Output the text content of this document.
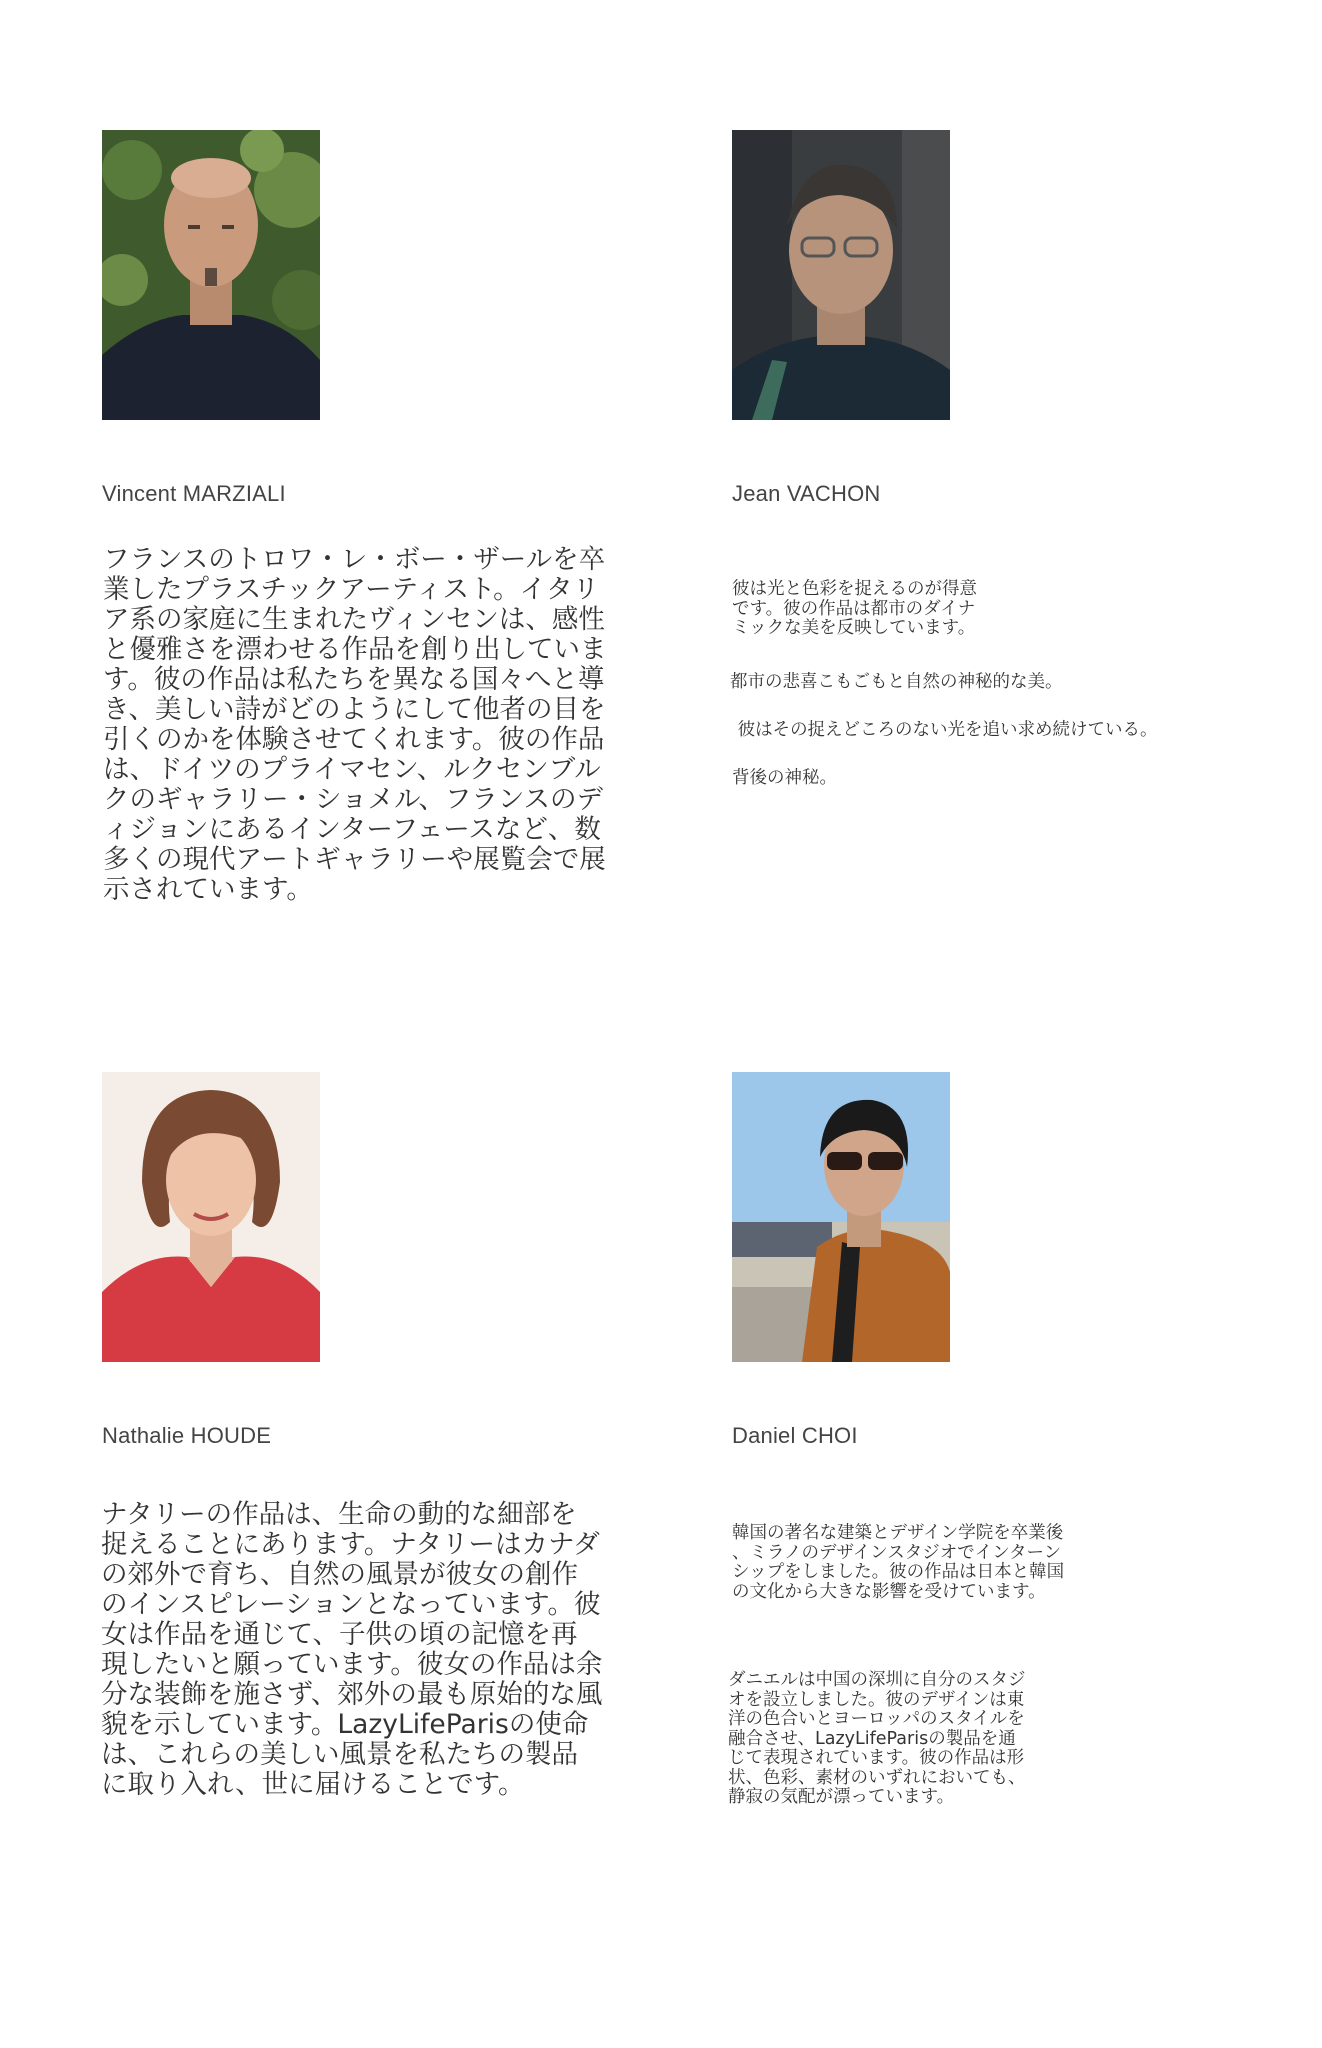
Vincent MARZIALI

フランスのトロワ・レ・ボー・ザールを卒
業したプラスチックアーティスト。イタリ
ア系の家庭に生まれたヴィンセンは、感性
と優雅さを漂わせる作品を創り出していま
す。彼の作品は私たちを異なる国々へと導
き、美しい詩がどのようにして他者の目を
引くのかを体験させてくれます。彼の作品
は、ドイツのプライマセン、ルクセンブル
クのギャラリー・ショメル、フランスのデ
ィジョンにあるインターフェースなど、数
多くの現代アートギャラリーや展覧会で展
示されています。

Jean VACHON

彼は光と色彩を捉えるのが得意
です。彼の作品は都市のダイナ
ミックな美を反映しています。

都市の悲喜こもごもと自然の神秘的な美。

彼はその捉えどころのない光を追い求め続けている。

背後の神秘。

Nathalie HOUDE

ナタリーの作品は、生命の動的な細部を
捉えることにあります。ナタリーはカナダ
の郊外で育ち、自然の風景が彼女の創作
のインスピレーションとなっています。彼
女は作品を通じて、子供の頃の記憶を再
現したいと願っています。彼女の作品は余
分な装飾を施さず、郊外の最も原始的な風
貌を示しています。LazyLifeParisの使命
は、これらの美しい風景を私たちの製品
に取り入れ、世に届けることです。

Daniel CHOI

韓国の著名な建築とデザイン学院を卒業後
、ミラノのデザインスタジオでインターン
シップをしました。彼の作品は日本と韓国
の文化から大きな影響を受けています。

ダニエルは中国の深圳に自分のスタジ
オを設立しました。彼のデザインは東
洋の色合いとヨーロッパのスタイルを
融合させ、LazyLifeParisの製品を通
じて表現されています。彼の作品は形
状、色彩、素材のいずれにおいても、
静寂の気配が漂っています。
